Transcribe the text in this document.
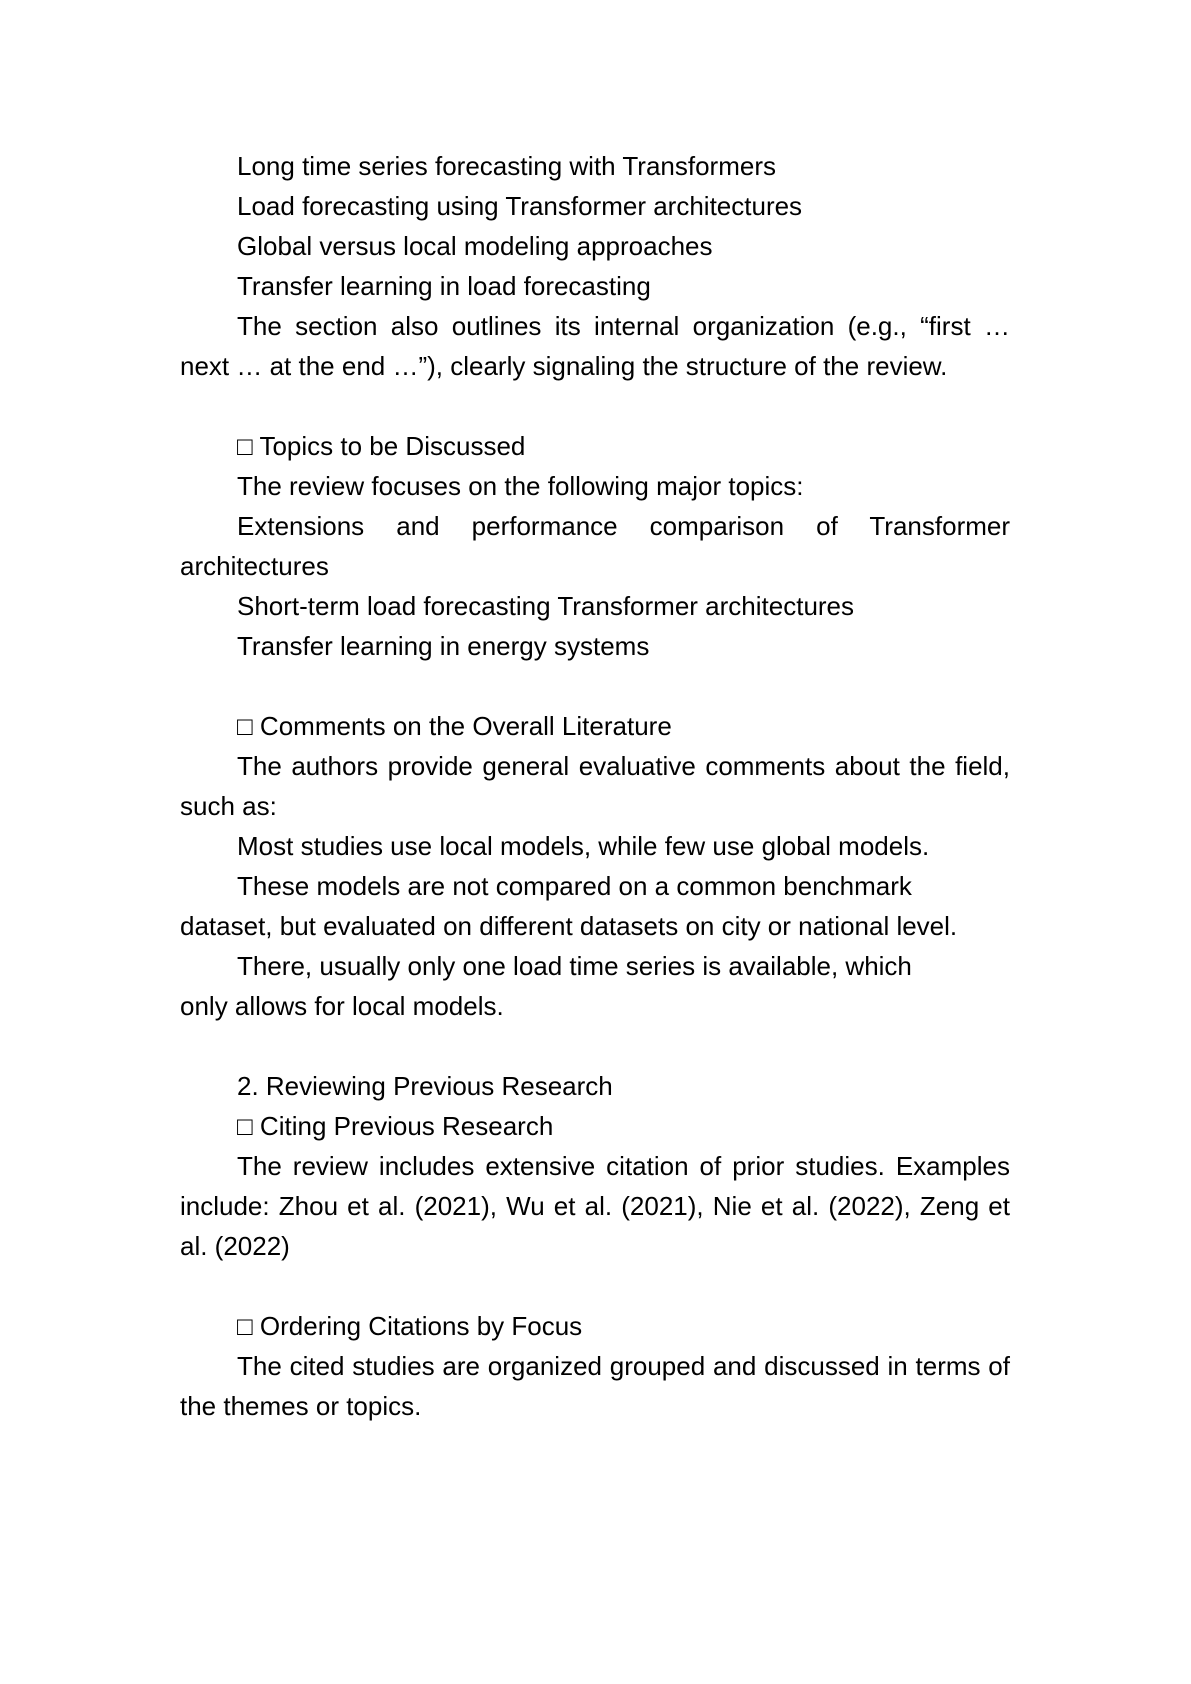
Long time series forecasting with Transformers

Load forecasting using Transformer architectures

Global versus local modeling approaches

Transfer learning in load forecasting

The section also outlines its internal organization (e.g., “first … next … at the end …”), clearly signaling the structure of the review.

□ Topics to be Discussed

The review focuses on the following major topics:

Extensions and performance comparison of Transformer architectures

Short-term load forecasting Transformer architectures

Transfer learning in energy systems

□ Comments on the Overall Literature

The authors provide general evaluative comments about the field, such as:

Most studies use local models, while few use global models.

These models are not compared on a common benchmark

dataset, but evaluated on different datasets on city or national level.

There, usually only one load time series is available, which

only allows for local models.

2. Reviewing Previous Research

□ Citing Previous Research

The review includes extensive citation of prior studies. Examples include: Zhou et al. (2021), Wu et al. (2021), Nie et al. (2022), Zeng et al. (2022)

□ Ordering Citations by Focus

The cited studies are organized grouped and discussed in terms of the themes or topics.
